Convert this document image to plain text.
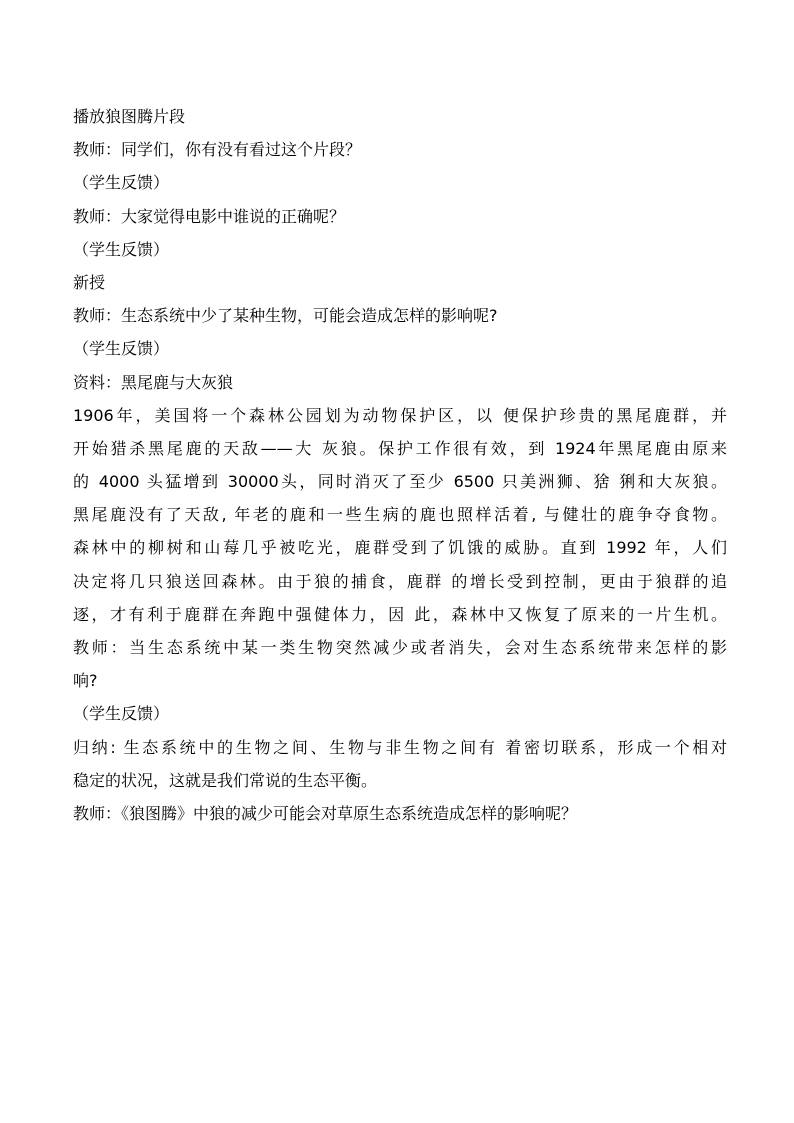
播放狼图腾片段
教师：同学们，你有没有看过这个片段？
（学生反馈）
教师：大家觉得电影中谁说的正确呢？
（学生反馈）
新授
教师：生态系统中少了某种生物，可能会造成怎样的影响呢?
（学生反馈）
资料：黑尾鹿与大灰狼
1906年，美国将一个森林公园划为动物保护区，以 便保护珍贵的黑尾鹿群，并
开始猎杀黑尾鹿的天敌——大 灰狼。保护工作很有效，到 1924年黑尾鹿由原来
的 4000 头猛增到 30000头，同时消灭了至少 6500 只美洲狮、猞 猁和大灰狼。
黑尾鹿没有了天敌, 年老的鹿和一些生病的鹿也照样活着, 与健壮的鹿争夺食物。
森林中的柳树和山莓几乎被吃光，鹿群受到了饥饿的威胁。直到 1992 年，人们
决定将几只狼送回森林。由于狼的捕食，鹿群 的增长受到控制，更由于狼群的追
逐，才有利于鹿群在奔跑中强健体力，因 此，森林中又恢复了原来的一片生机。
教师：当生态系统中某一类生物突然减少或者消失，会对生态系统带来怎样的影
响?
（学生反馈）
归纳: 生态系统中的生物之间、生物与非生物之间有 着密切联系，形成一个相对
稳定的状况，这就是我们常说的生态平衡。
教师：《狼图腾》中狼的减少可能会对草原生态系统造成怎样的影响呢？
